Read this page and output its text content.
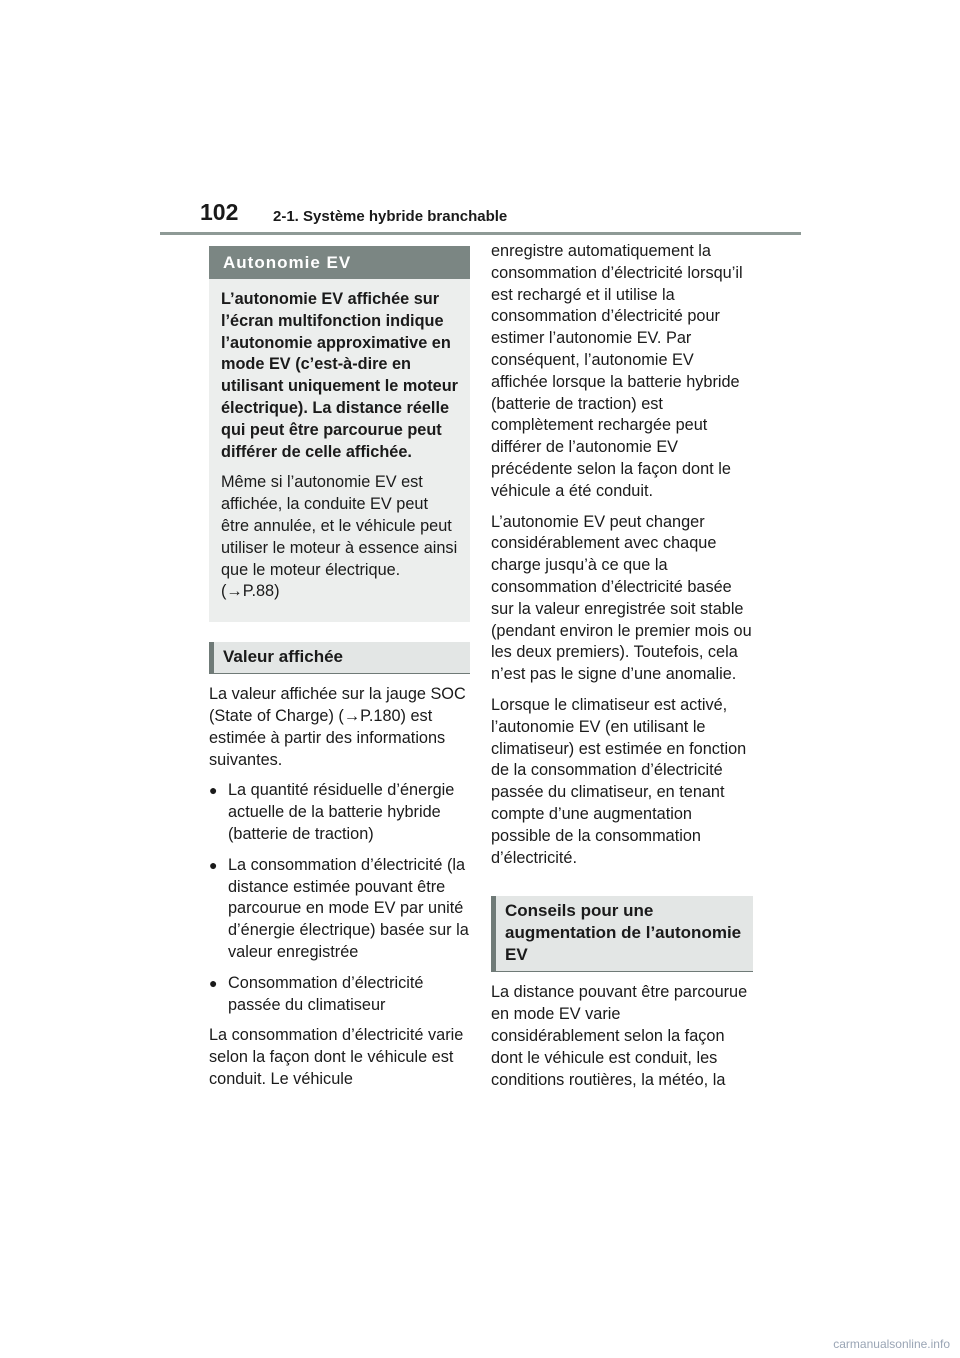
102 2-1. Système hybride branchable
Autonomie EV

L’autonomie EV affichée sur l’écran multifonction indique l’autonomie approximative en mode EV (c’est-à-dire en utilisant uniquement le moteur électrique). La distance réelle qui peut être parcourue peut différer de celle affichée.

Même si l’autonomie EV est affichée, la conduite EV peut être annulée, et le véhicule peut utiliser le moteur à essence ainsi que le moteur électrique. (→P.88)

Valeur affichée

La valeur affichée sur la jauge SOC (State of Charge) (→P.180) est estimée à partir des informations suivantes.

● La quantité résiduelle d’énergie actuelle de la batterie hybride (batterie de traction)
● La consommation d’électricité (la distance estimée pouvant être parcourue en mode EV par unité d’énergie électrique) basée sur la valeur enregistrée
● Consommation d’électricité passée du climatiseur

La consommation d’électricité varie selon la façon dont le véhicule est conduit. Le véhicule

enregistre automatiquement la consommation d’électricité lorsqu’il est rechargé et il utilise la consommation d’électricité pour estimer l’autonomie EV. Par conséquent, l’autonomie EV affichée lorsque la batterie hybride (batterie de traction) est complètement rechargée peut différer de l’autonomie EV précédente selon la façon dont le véhicule a été conduit.

L’autonomie EV peut changer considérablement avec chaque charge jusqu’à ce que la consommation d’électricité basée sur la valeur enregistrée soit stable (pendant environ le premier mois ou les deux premiers). Toutefois, cela n’est pas le signe d’une anomalie.

Lorsque le climatiseur est activé, l’autonomie EV (en utilisant le climatiseur) est estimée en fonction de la consommation d’électricité passée du climatiseur, en tenant compte d’une augmentation possible de la consommation d’électricité.

Conseils pour une augmentation de l’autonomie EV

La distance pouvant être parcourue en mode EV varie considérablement selon la façon dont le véhicule est conduit, les conditions routières, la météo, la

carmanualsonline.info
